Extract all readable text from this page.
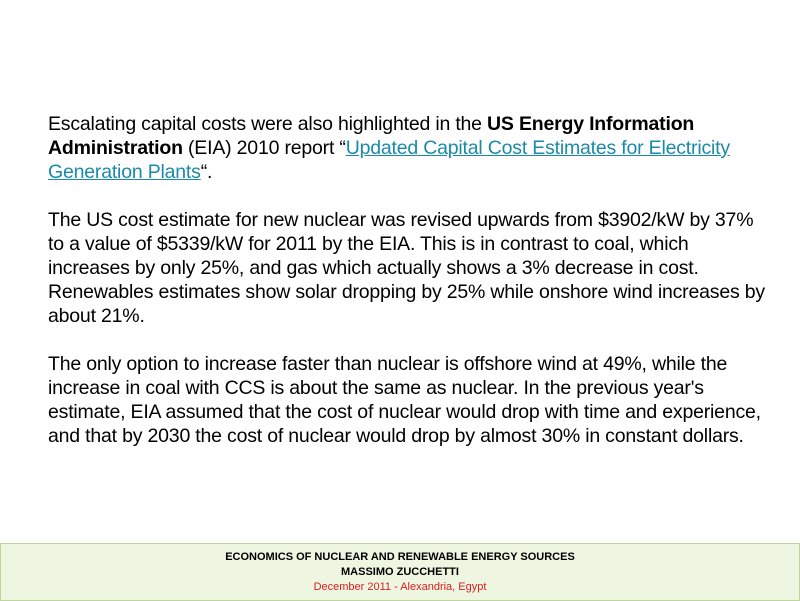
Escalating capital costs were also highlighted in the US Energy Information Administration (EIA) 2010 report “Updated Capital Cost Estimates for Electricity Generation Plants“.

The US cost estimate for new nuclear was revised upwards from $3902/kW by 37% to a value of $5339/kW for 2011 by the EIA. This is in contrast to coal, which increases by only 25%, and gas which actually shows a 3% decrease in cost. Renewables estimates show solar dropping by 25% while onshore wind increases by about 21%.

The only option to increase faster than nuclear is offshore wind at 49%, while the increase in coal with CCS is about the same as nuclear. In the previous year's estimate, EIA assumed that the cost of nuclear would drop with time and experience, and that by 2030 the cost of nuclear would drop by almost 30% in constant dollars.

ECONOMICS OF NUCLEAR AND RENEWABLE ENERGY SOURCES

MASSIMO ZUCCHETTI

December 2011 - Alexandria, Egypt
